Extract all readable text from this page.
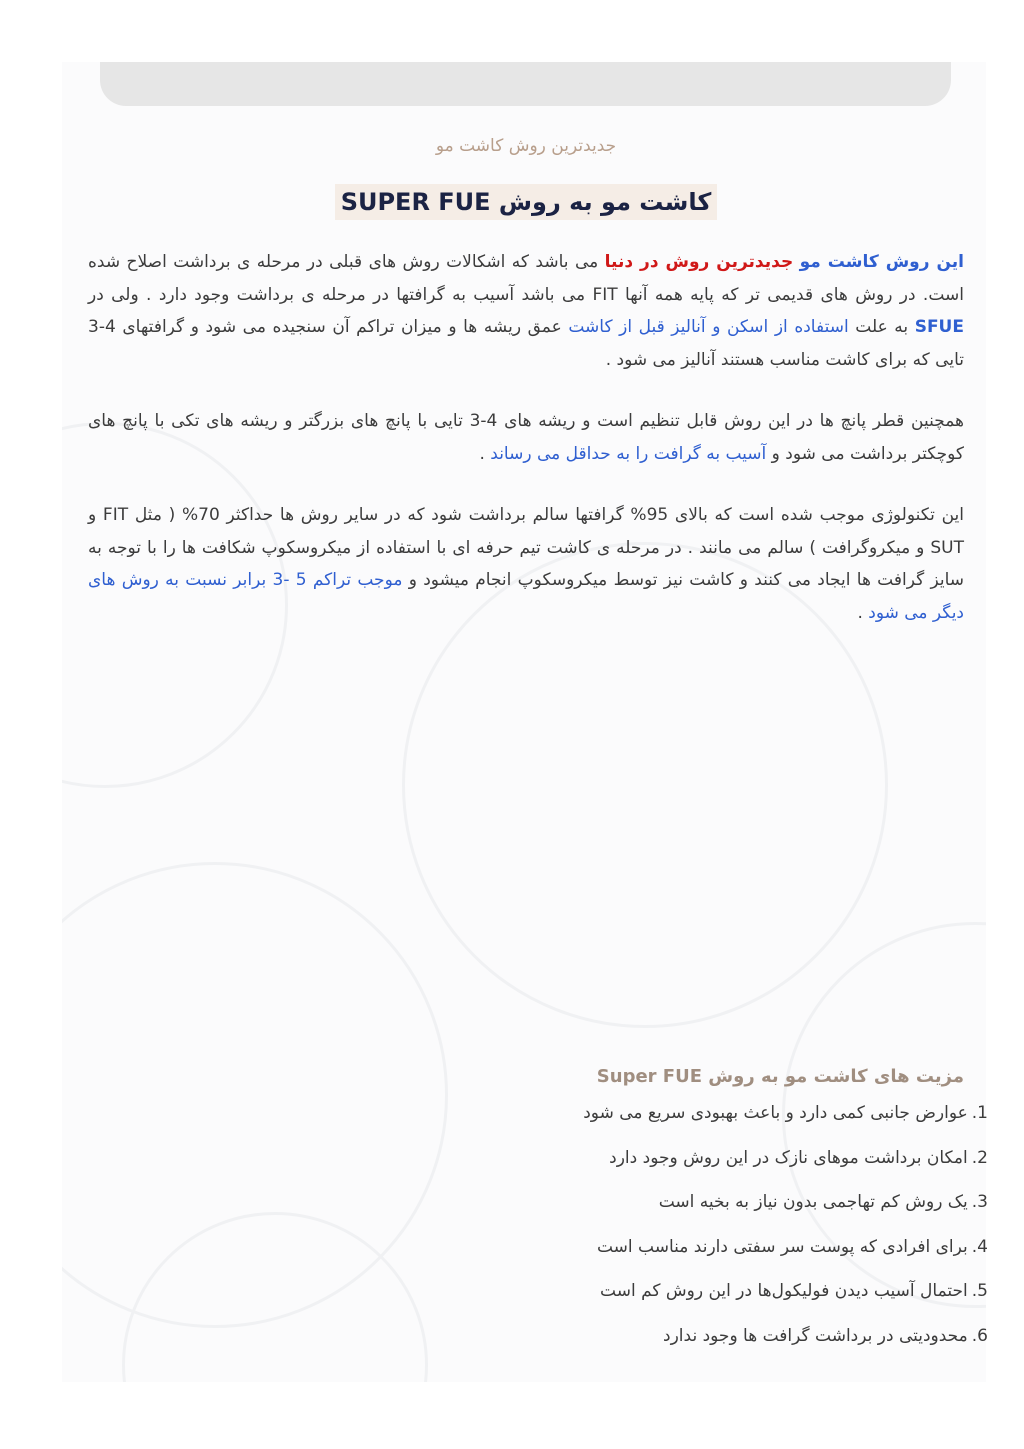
جدیدترین روش کاشت مو
کاشت مو به روش SUPER FUE

این روش کاشت مو جدیدترین روش در دنیا می باشد که اشکالات روش های قبلی در مرحله ی برداشت اصلاح شده است. در روش های قدیمی تر که پایه همه آنها FIT می باشد آسیب به گرافتها در مرحله ی برداشت وجود دارد . ولی در SFUE به علت استفاده از اسکن و آنالیز قبل از کاشت عمق ریشه ها و میزان تراکم آن سنجیده می شود و گرافتهای 4-3 تایی که برای کاشت مناسب هستند آنالیز می شود .

همچنین قطر پانچ ها در این روش قابل تنظیم است و ریشه های 4-3 تایی با پانچ های بزرگتر و ریشه های تکی با پانچ های کوچکتر برداشت می شود و آسیب به گرافت را به حداقل می رساند .

این تکنولوژی موجب شده است که بالای 95% گرافتها سالم برداشت شود که در سایر روش ها حداکثر 70% ( مثل FIT و SUT و میکروگرافت ) سالم می مانند . در مرحله ی کاشت تیم حرفه ای با استفاده از میکروسکوپ شکافت ها را با توجه به سایز گرافت ها ایجاد می کنند و کاشت نیز توسط میکروسکوپ انجام میشود و موجب تراکم 5 -3 برابر نسبت به روش های دیگر می شود .

مزیت های کاشت مو به روش Super FUE
1.عوارض جانبی کمی دارد و باعث بهبودی سریع می شود
2.امکان برداشت موهای نازک در این روش وجود دارد
3.یک روش کم تهاجمی بدون نیاز به بخیه است
4.برای افرادی که پوست سر سفتی دارند مناسب است
5.احتمال آسیب دیدن فولیکول‌ها در این روش کم است
6.محدودیتی در برداشت گرافت ها وجود ندارد
